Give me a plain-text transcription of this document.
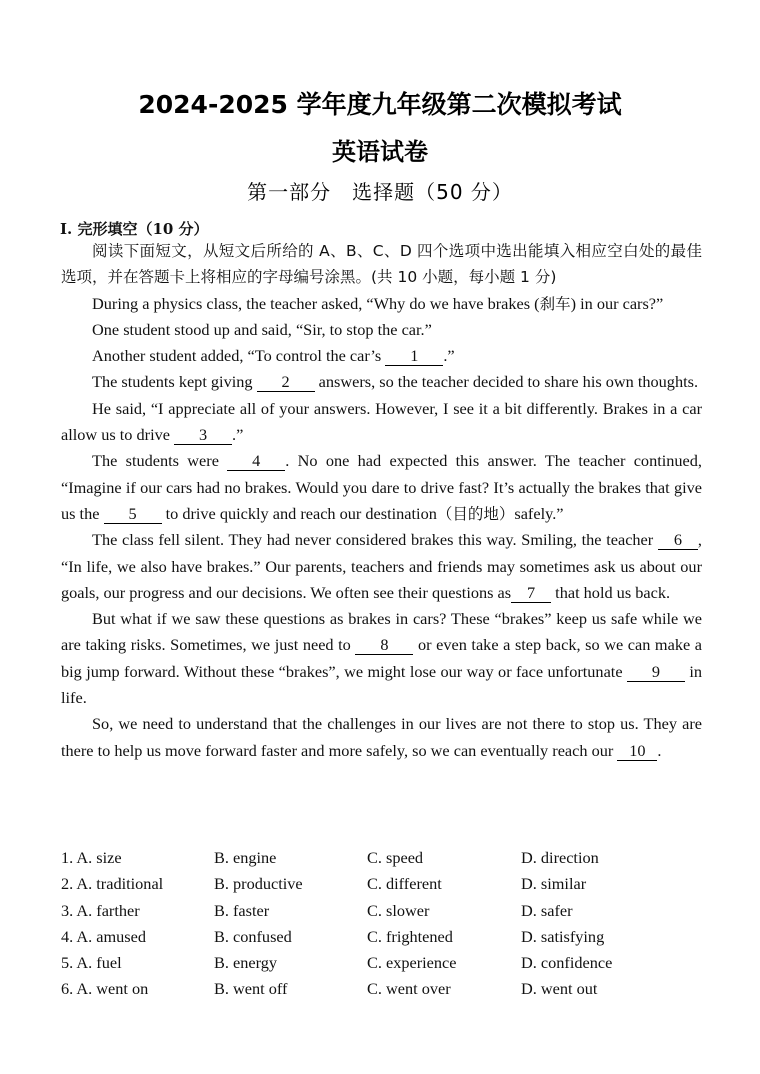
2024-2025 学年度九年级第二次模拟考试
英语试卷
第一部分　选择题（50 分）
I. 完形填空（10 分）

阅读下面短文，从短文后所给的 A、B、C、D 四个选项中选出能填入相应空白处的最佳选项，并在答题卡上将相应的字母编号涂黑。(共 10 小题，每小题 1 分)

During a physics class, the teacher asked, “Why do we have brakes (刹车) in our cars?”

One student stood up and said, “Sir, to stop the car.”

Another student added, “To control the car’s 1 .”

The students kept giving 2 answers, so the teacher decided to share his own thoughts.

He said, “I appreciate all of your answers. However, I see it a bit differently. Brakes in a car allow us to drive 3 .”

The students were 4 . No one had expected this answer. The teacher continued, “Imagine if our cars had no brakes. Would you dare to drive fast? It’s actually the brakes that give us the 5 to drive quickly and reach our destination（目的地）safely.”

The class fell silent. They had never considered brakes this way. Smiling, the teacher 6 , “In life, we also have brakes.” Our parents, teachers and friends may sometimes ask us about our goals, our progress and our decisions. We often see their questions as 7 that hold us back.

But what if we saw these questions as brakes in cars? These “brakes” keep us safe while we are taking risks. Sometimes, we just need to 8 or even take a step back, so we can make a big jump forward. Without these “brakes”, we might lose our way or face unfortunate 9 in life.

So, we need to understand that the challenges in our lives are not there to stop us. They are there to help us move forward faster and more safely, so we can eventually reach our 10 .

1. A. size	B. engine	C. speed	D. direction
2. A. traditional	B. productive	C. different	D. similar
3. A. farther	B. faster	C. slower	D. safer
4. A. amused	B. confused	C. frightened	D. satisfying
5. A. fuel	B. energy	C. experience	D. confidence
6. A. went on	B. went off	C. went over	D. went out
